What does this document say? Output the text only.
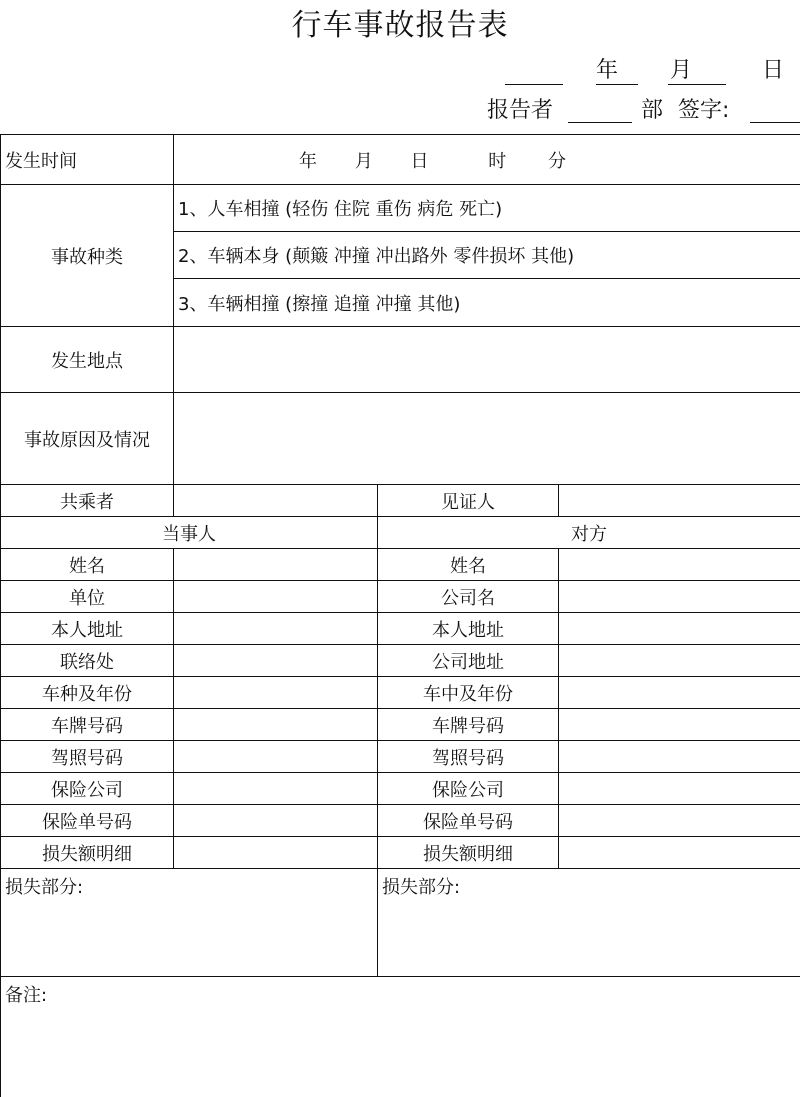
行车事故报告表
年 月	日
报告者	部 签字:
发生时间	年 月 日 时 分		
事故种类	1、人车相撞 (轻伤 住院 重伤 病危 死亡)		
	2、车辆本身 (颠簸 冲撞 冲出路外 零件损坏 其他)		
	3、车辆相撞 (擦撞 追撞 冲撞 其他)		
发生地点			
事故原因及情况			
共乘者		见证人	
当事人		对方	
姓名		姓名	
单位		公司名	
本人地址		本人地址	
联络处		公司地址	
车种及年份		车中及年份	
车牌号码		车牌号码	
驾照号码		驾照号码	
保险公司		保险公司	
保险单号码		保险单号码	
损失额明细		损失额明细	
损失部分:		损失部分:	
备注:			
